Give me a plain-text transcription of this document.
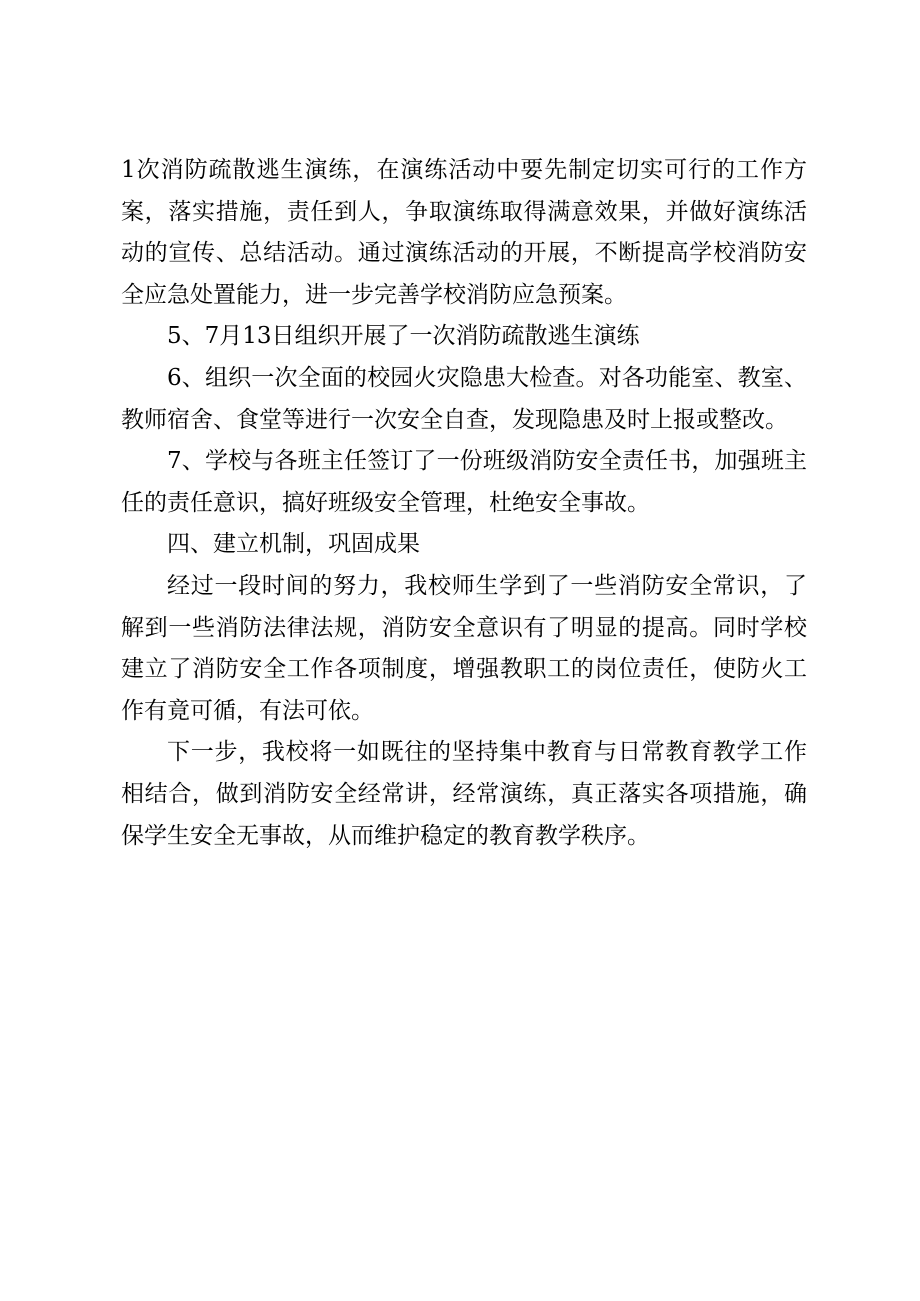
1次消防疏散逃生演练，在演练活动中要先制定切实可行的工作方案，落实措施，责任到人，争取演练取得满意效果，并做好演练活动的宣传、总结活动。通过演练活动的开展，不断提高学校消防安全应急处置能力，进一步完善学校消防应急预案。

5、7月13日组织开展了一次消防疏散逃生演练

6、组织一次全面的校园火灾隐患大检查。对各功能室、教室、教师宿舍、食堂等进行一次安全自查，发现隐患及时上报或整改。

7、学校与各班主任签订了一份班级消防安全责任书，加强班主任的责任意识，搞好班级安全管理，杜绝安全事故。

四、建立机制，巩固成果

经过一段时间的努力，我校师生学到了一些消防安全常识，了解到一些消防法律法规，消防安全意识有了明显的提高。同时学校建立了消防安全工作各项制度，增强教职工的岗位责任，使防火工作有竟可循，有法可依。

下一步，我校将一如既往的坚持集中教育与日常教育教学工作相结合，做到消防安全经常讲，经常演练，真正落实各项措施，确保学生安全无事故，从而维护稳定的教育教学秩序。
